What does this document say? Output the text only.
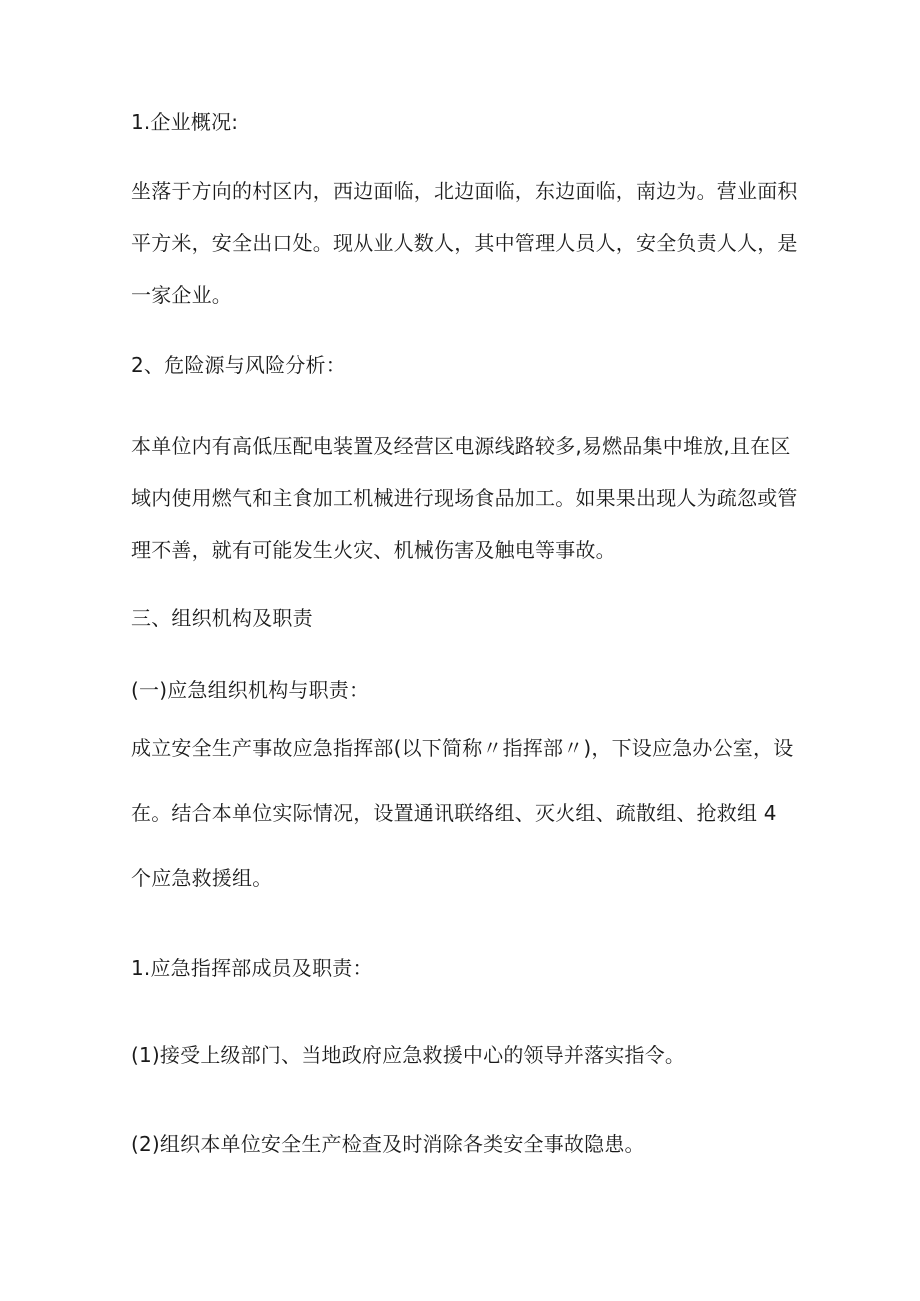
1.企业概况:
坐落于方向的村区内，西边面临，北边面临，东边面临，南边为。营业面积
平方米，安全出口处。现从业人数人，其中管理人员人，安全负责人人，是
一家企业。
2、危险源与风险分析：
本单位内有高低压配电装置及经营区电源线路较多,易燃品集中堆放,且在区
域内使用燃气和主食加工机械进行现场食品加工。如果果出现人为疏忽或管
理不善，就有可能发生火灾、机械伤害及触电等事故。
三、组织机构及职责
(一)应急组织机构与职责：
成立安全生产事故应急指挥部(以下简称〃指挥部〃)，下设应急办公室，设
在。结合本单位实际情况，设置通讯联络组、灭火组、疏散组、抢救组 4
个应急救援组。
1.应急指挥部成员及职责：
(1)接受上级部门、当地政府应急救援中心的领导并落实指令。
(2)组织本单位安全生产检查及时消除各类安全事故隐患。
